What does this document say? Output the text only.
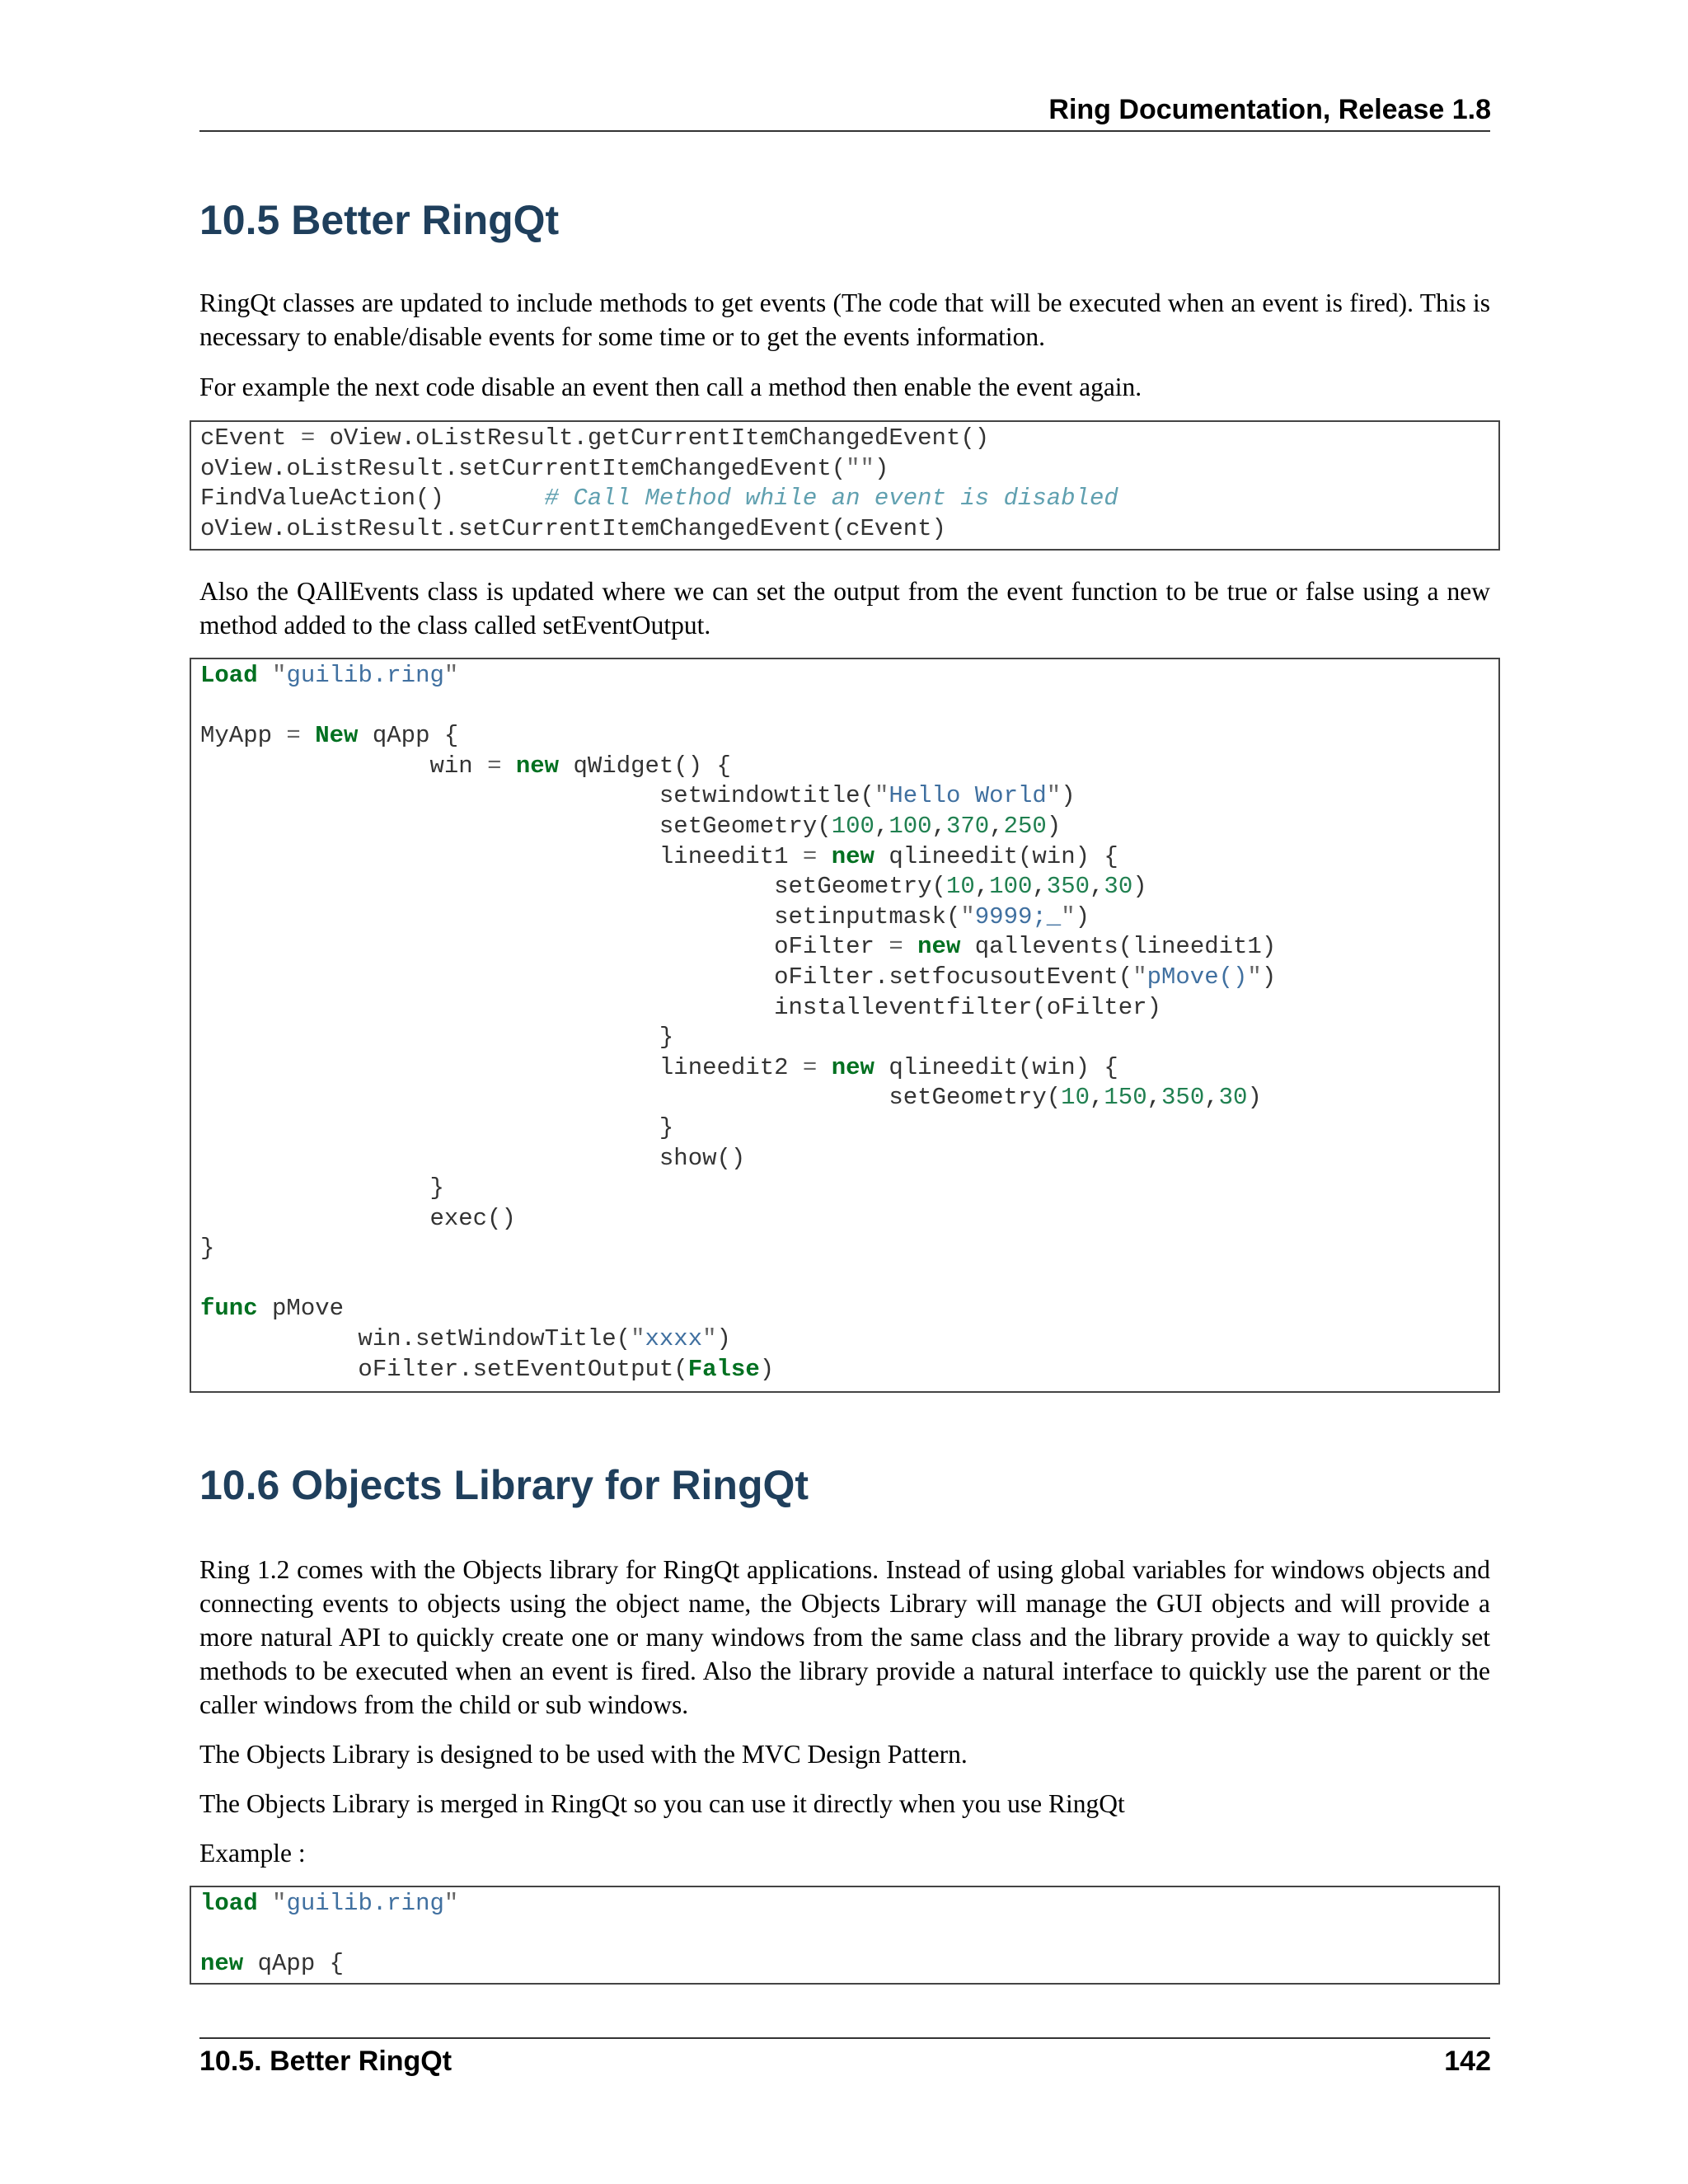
Ring Documentation, Release 1.8
10.5 Better RingQt

RingQt classes are updated to include methods to get events (The code that will be executed when an event is fired). This is necessary to enable/disable events for some time or to get the events information.

For example the next code disable an event then call a method then enable the event again.

cEvent = oView.oListResult.getCurrentItemChangedEvent()
oView.oListResult.setCurrentItemChangedEvent("")
FindValueAction()       # Call Method while an event is disabled
oView.oListResult.setCurrentItemChangedEvent(cEvent)

Also the QAllEvents class is updated where we can set the output from the event function to be true or false using a new method added to the class called setEventOutput.

Load "guilib.ring"

MyApp = New qApp {
win = new qWidget() {
setwindowtitle("Hello World")
setGeometry(100,100,370,250)
lineedit1 = new qlineedit(win) {
setGeometry(10,100,350,30)
setinputmask("9999;_")
oFilter = new qallevents(lineedit1)
oFilter.setfocusoutEvent("pMove()")
installeventfilter(oFilter)
}
lineedit2 = new qlineedit(win) {
setGeometry(10,150,350,30)
}
show()
}
exec()
}

func pMove
win.setWindowTitle("xxxx")
oFilter.setEventOutput(False)
10.6 Objects Library for RingQt

Ring 1.2 comes with the Objects library for RingQt applications. Instead of using global variables for windows objects and connecting events to objects using the object name, the Objects Library will manage the GUI objects and will provide a more natural API to quickly create one or many windows from the same class and the library provide a way to quickly set methods to be executed when an event is fired. Also the library provide a natural interface to quickly use the parent or the caller windows from the child or sub windows.

The Objects Library is designed to be used with the MVC Design Pattern.

The Objects Library is merged in RingQt so you can use it directly when you use RingQt

Example :

load "guilib.ring"

new qApp {
10.5. Better RingQt	142
